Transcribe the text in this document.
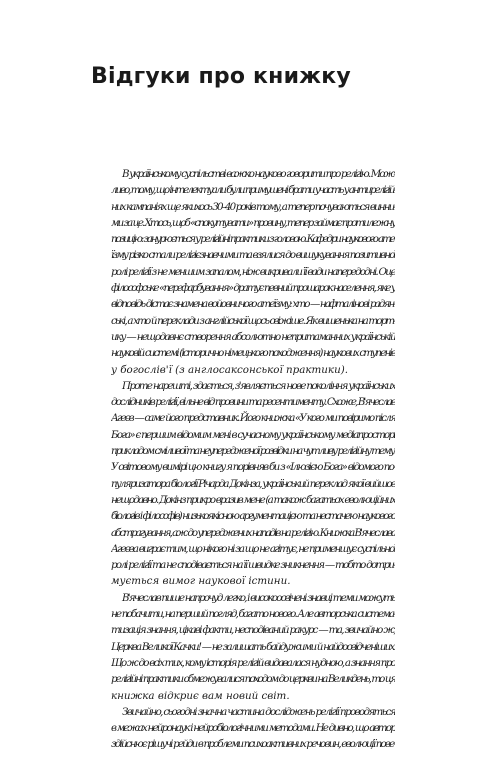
Відгуки про книжку
В українському суспільстві важко науково говорити про релігію. Мож-
ливо, тому, що інтелектуали були примушені брати участь у антирелігій-
них кампаніях ще якихось 30–40 років тому, а тепер почуваються винни-
ми за це. Хтось, щоб «спокутувати» провину, тепер займає протилежну
позицію: занурюється у релігійні практики з головою. Кафедри наукового ате-
їзму різко стали релігієзнавчими та взялися до вишукування позитивної
ролі релігії з не меншим запалом, ніж викривали її вади напередодні. Оце
філософське «перефарбування» дратує певний прошарок населення, яке у
відповідь дістає знамена войовничого атеїзму: хто — нафталінові радян-
ські, а хто й переклади з англійської щось свіжіше. Як вишенька на торт-
ику — нещодавнє створення абсолютно непритаманних українській
науковій системі (історично німецького походження) наукових ступенів
у богослів'ї (з англосаксонської практики).
Проте нарешті, здається, з'являється нове покоління українських
дослідників релігії, вільне від провини та ресентименту. Схоже, В'ячеслав
Агеєв — саме його представник. Його книжка «У кого ми повіримо після
Бога» є першим відомим мені в сучасному українському медіапросторі
прикладом сміливої та неупередженої розвідки на чутливу релігійну тему.
У світовому вимірі цю книгу я порівняв би з «Ілюзією Бога» відомого по-
пуляризатора біології Річарда Докінза, український переклад якої вийшов
нещодавно. Докінз прикро вразив мене (а також багатьох еволюційних
біологів і філософів) низькоякісною аргументацією та нестачею наукового
абстрагування, аж до упереджених нападів на релігію. Книжка В'ячеслава
Агеєва виграє тим, що нікого ні за що не агітує, не применшує суспільної
ролі релігії та не сподівається на її швидке зникнення — тобто дотри-
мується вимог наукової істини.
В'ячеслав пише напрочуд легко, і високоосвічені знавці теми можуть
не побачити, на перший погляд, багато нового. Але авторська системa-
тизація знання, цікаві факти, несподіваний ракурс — та, звичайно ж,
Церква Великої Качки! — не залишать байдужими й найдосвідченіших.
Що ж до всіх тих, кому історія релігій видавалася нудною, а знання про
релігійні практики обмежувалися походом до церкви на Великдень, то ця
книжка відкриє вам новий світ.
Звичайно, сьогодні значна частина досліджень релігії проводяться
в межах нейронаук і нейробіологічними методами. Не дивно, що автор
здійснює рішучі рейди в проблеми психоактивних речовин, еволюції пове-
